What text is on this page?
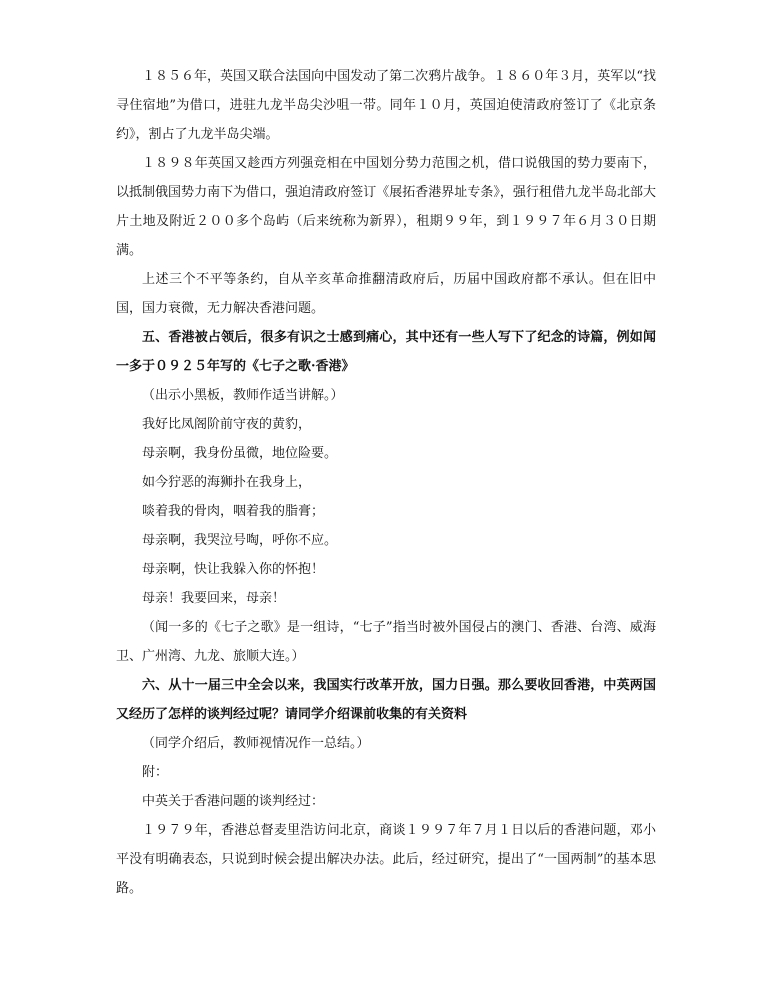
１８５６年，英国又联合法国向中国发动了第二次鸦片战争。１８６０年３月，英军以“找寻住宿地”为借口，进驻九龙半岛尖沙咀一带。同年１０月，英国迫使清政府签订了《北京条约》，割占了九龙半岛尖端。

１８９８年英国又趁西方列强竞相在中国划分势力范围之机，借口说俄国的势力要南下，以抵制俄国势力南下为借口，强迫清政府签订《展拓香港界址专条》，强行租借九龙半岛北部大片土地及附近２００多个岛屿（后来统称为新界），租期９９年，到１９９７年６月３０日期满。

上述三个不平等条约，自从辛亥革命推翻清政府后，历届中国政府都不承认。但在旧中国，国力衰微，无力解决香港问题。

五、香港被占领后，很多有识之士感到痛心，其中还有一些人写下了纪念的诗篇，例如闻一多于０９２５年写的《七子之歌·香港》

（出示小黑板，教师作适当讲解。）

我好比凤阁阶前守夜的黄豹，

母亲啊，我身份虽微，地位险要。

如今狞恶的海狮扑在我身上，

啖着我的骨肉，咽着我的脂膏；

母亲啊，我哭泣号啕，呼你不应。

母亲啊，快让我躲入你的怀抱！

母亲！我要回来，母亲！

（闻一多的《七子之歌》是一组诗，“七子”指当时被外国侵占的澳门、香港、台湾、威海卫、广州湾、九龙、旅顺大连。）

六、从十一届三中全会以来，我国实行改革开放，国力日强。那么要收回香港，中英两国又经历了怎样的谈判经过呢？请同学介绍课前收集的有关资料

（同学介绍后，教师视情况作一总结。）

附：

中英关于香港问题的谈判经过：

１９７９年，香港总督麦里浩访问北京，商谈１９９７年７月１日以后的香港问题，邓小平没有明确表态，只说到时候会提出解决办法。此后，经过研究，提出了“一国两制”的基本思路。
